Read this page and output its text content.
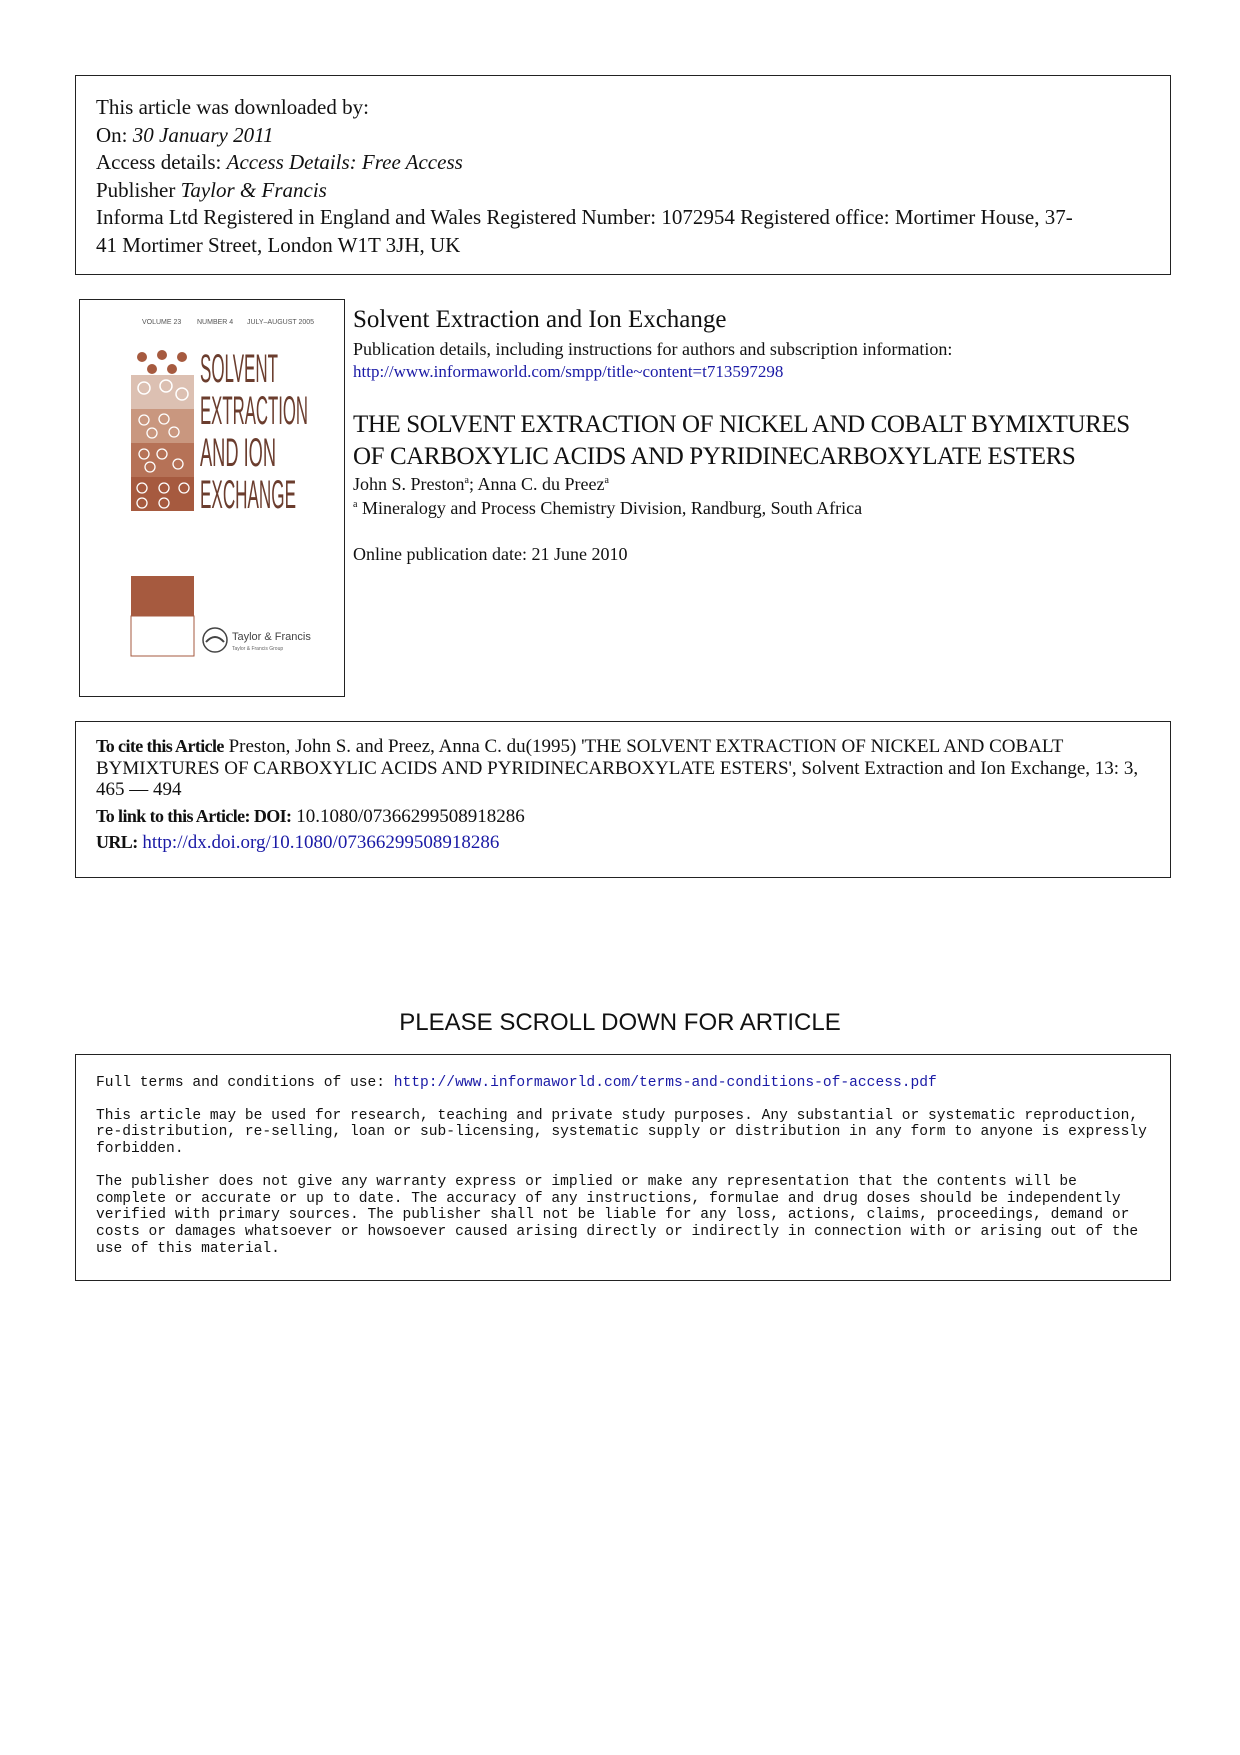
This article was downloaded by:
On: 30 January 2011
Access details: Access Details: Free Access
Publisher Taylor & Francis
Informa Ltd Registered in England and Wales Registered Number: 1072954 Registered office: Mortimer House, 37-
41 Mortimer Street, London W1T 3JH, UK
VOLUME 23 NUMBER 4 JULY–AUGUST 2005
SOLVENT
EXTRACTION
AND ION
EXCHANGE
Taylor & Francis
Taylor & Francis Group
Solvent Extraction and Ion Exchange
Publication details, including instructions for authors and subscription information:
http://www.informaworld.com/smpp/title~content=t713597298
THE SOLVENT EXTRACTION OF NICKEL AND COBALT BYMIXTURES
OF CARBOXYLIC ACIDS AND PYRIDINECARBOXYLATE ESTERS
John S. Preston$^a$; Anna C. du Preez$^a$
$^a$ Mineralogy and Process Chemistry Division, Randburg, South Africa
Online publication date: 21 June 2010
To cite this Article Preston, John S. and Preez, Anna C. du(1995) 'THE SOLVENT EXTRACTION OF NICKEL AND COBALT BYMIXTURES OF CARBOXYLIC ACIDS AND PYRIDINECARBOXYLATE ESTERS', Solvent Extraction and Ion Exchange, 13: 3, 465 — 494
To link to this Article: DOI: 10.1080/07366299508918286
URL: http://dx.doi.org/10.1080/07366299508918286
PLEASE SCROLL DOWN FOR ARTICLE

Full terms and conditions of use: http://www.informaworld.com/terms-and-conditions-of-access.pdf

This article may be used for research, teaching and private study purposes. Any substantial or systematic reproduction, re-distribution, re-selling, loan or sub-licensing, systematic supply or distribution in any form to anyone is expressly forbidden.

The publisher does not give any warranty express or implied or make any representation that the contents will be complete or accurate or up to date. The accuracy of any instructions, formulae and drug doses should be independently verified with primary sources. The publisher shall not be liable for any loss, actions, claims, proceedings, demand or costs or damages whatsoever or howsoever caused arising directly or indirectly in connection with or arising out of the use of this material.
